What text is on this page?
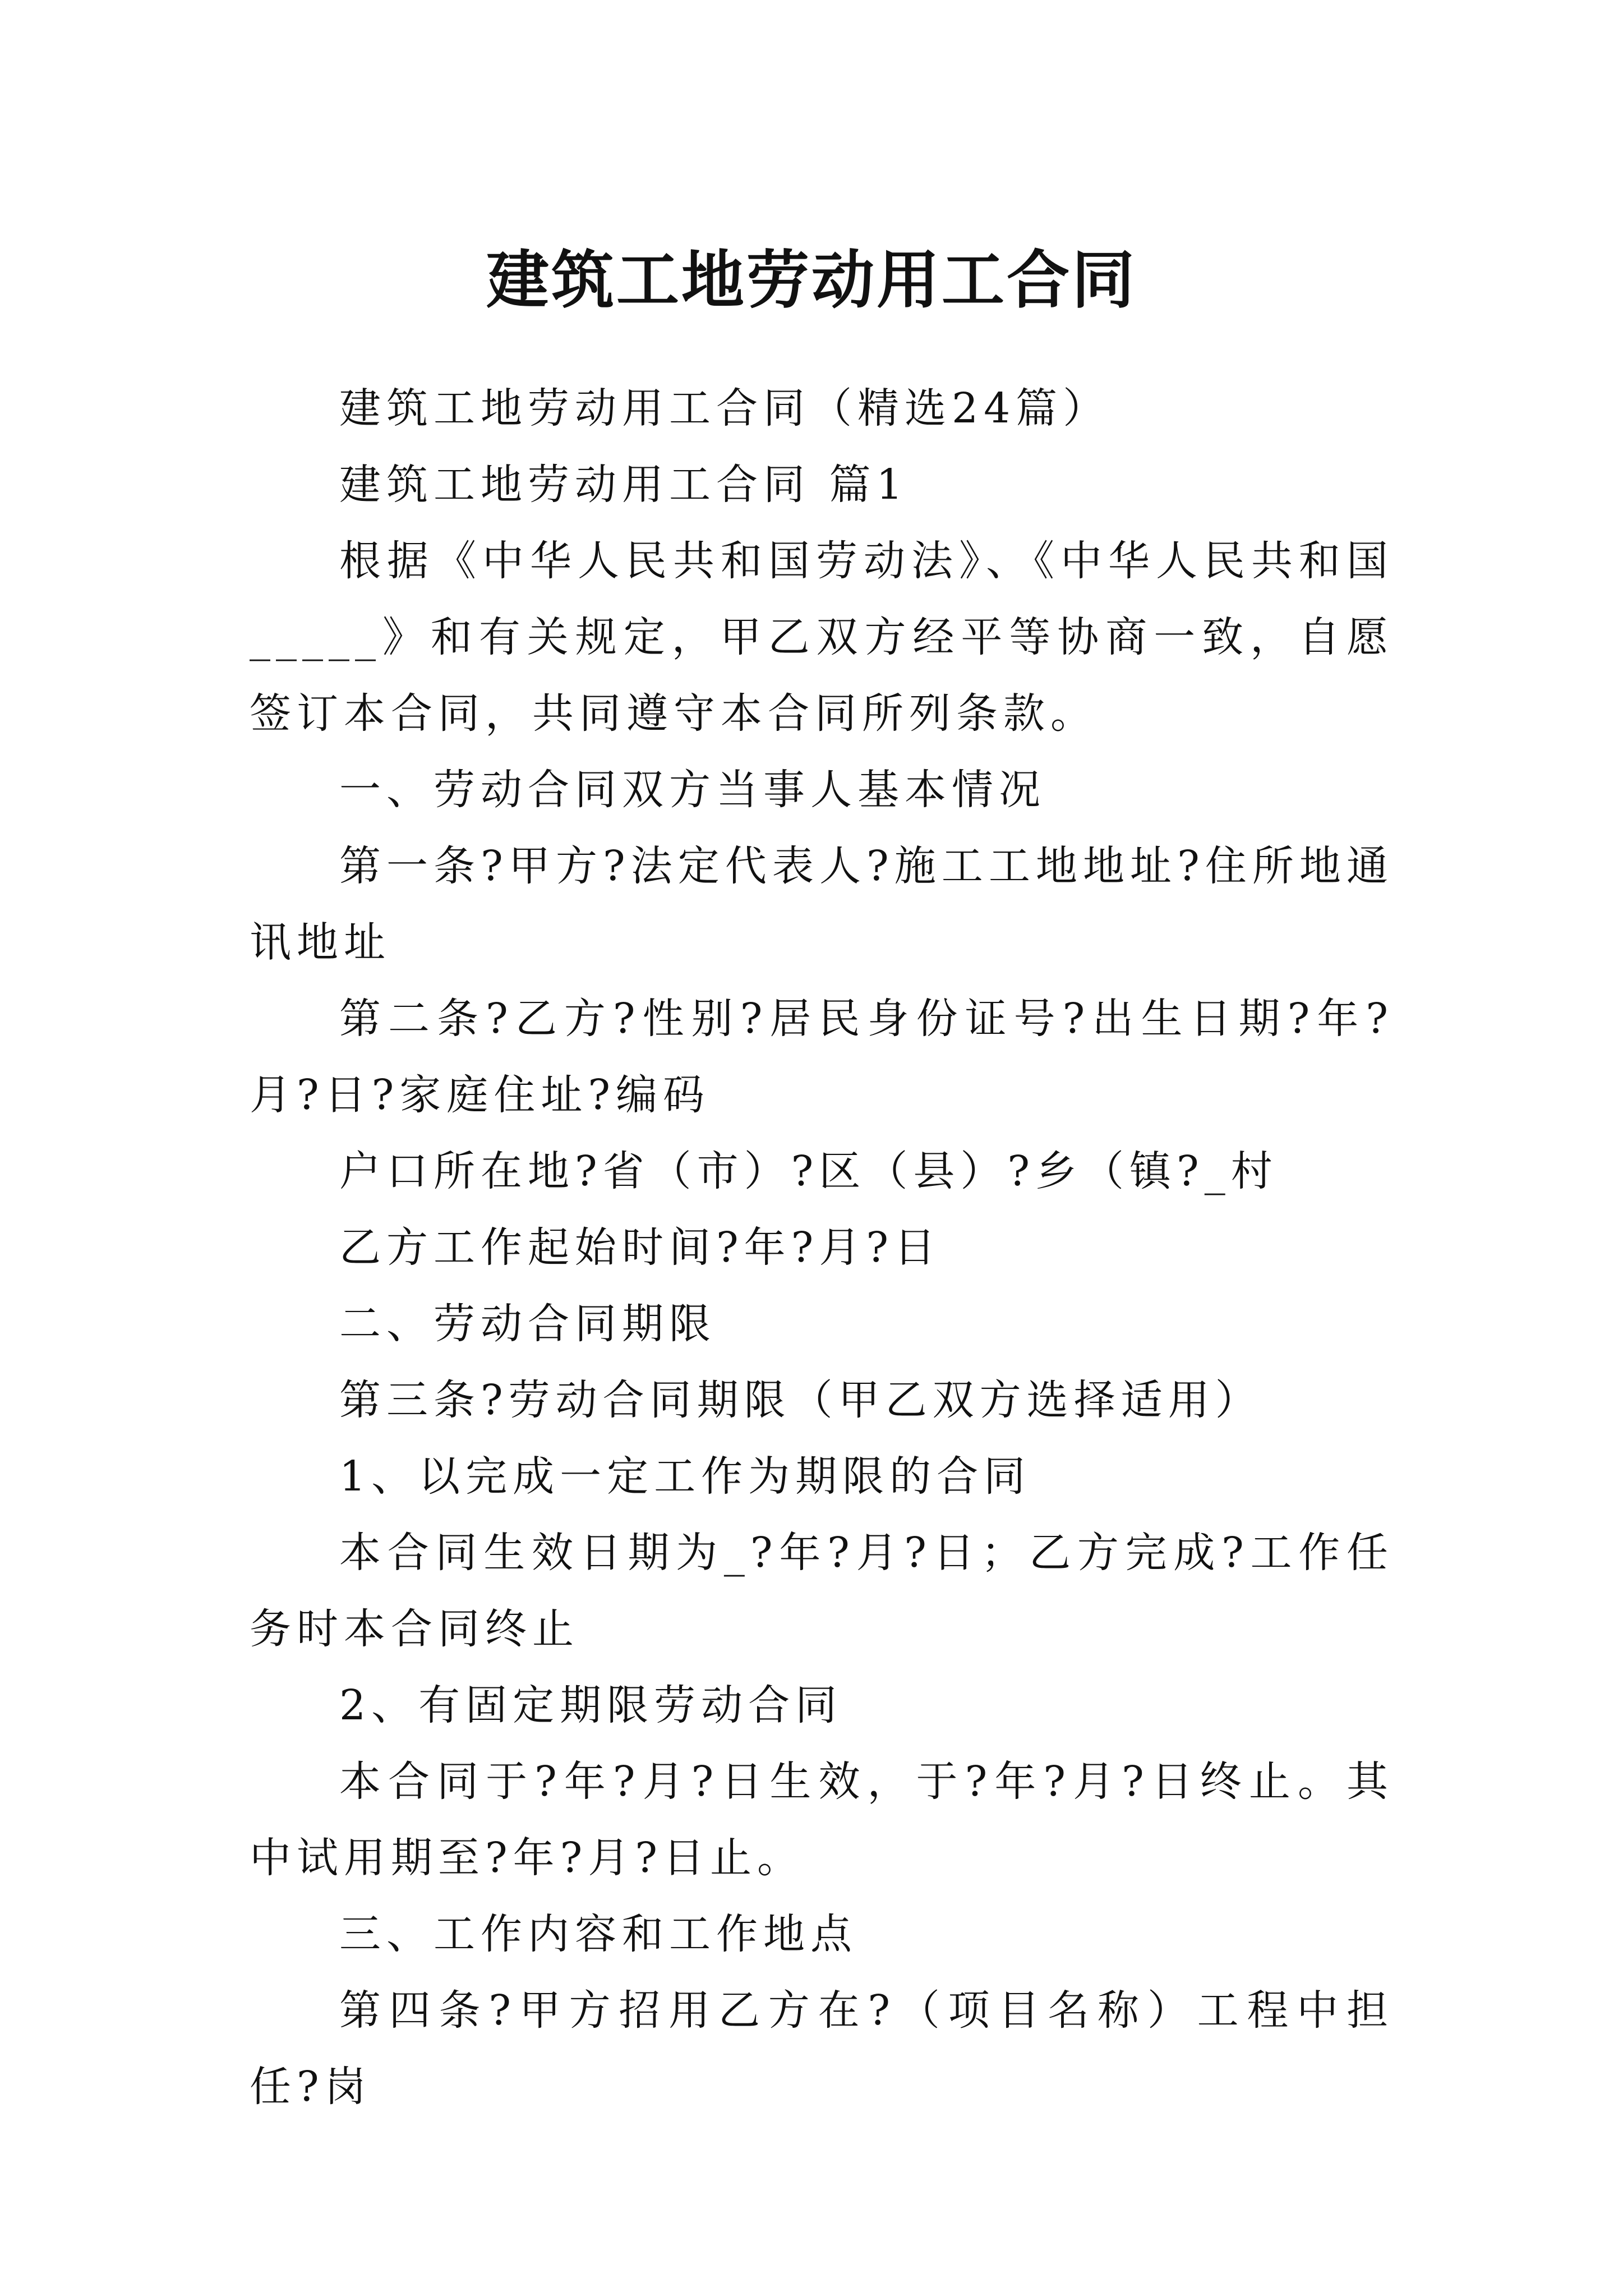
建筑工地劳动用工合同

建筑工地劳动用工合同（精选24篇）

建筑工地劳动用工合同 篇1

根据《中华人民共和国劳动法》、《中华人民共和国_____》和有关规定，甲乙双方经平等协商一致，自愿签订本合同，共同遵守本合同所列条款。

一、劳动合同双方当事人基本情况

第一条?甲方?法定代表人?施工工地地址?住所地通讯地址

第二条?乙方?性别?居民身份证号?出生日期?年?月?日?家庭住址?编码

户口所在地?省（市）?区（县）?乡（镇?_村

乙方工作起始时间?年?月?日

二、劳动合同期限

第三条?劳动合同期限（甲乙双方选择适用）

1、以完成一定工作为期限的合同

本合同生效日期为_?年?月?日；乙方完成?工作任务时本合同终止

2、有固定期限劳动合同

本合同于?年?月?日生效，于?年?月?日终止。其中试用期至?年?月?日止。

三、工作内容和工作地点

第四条?甲方招用乙方在?（项目名称）工程中担任?岗
